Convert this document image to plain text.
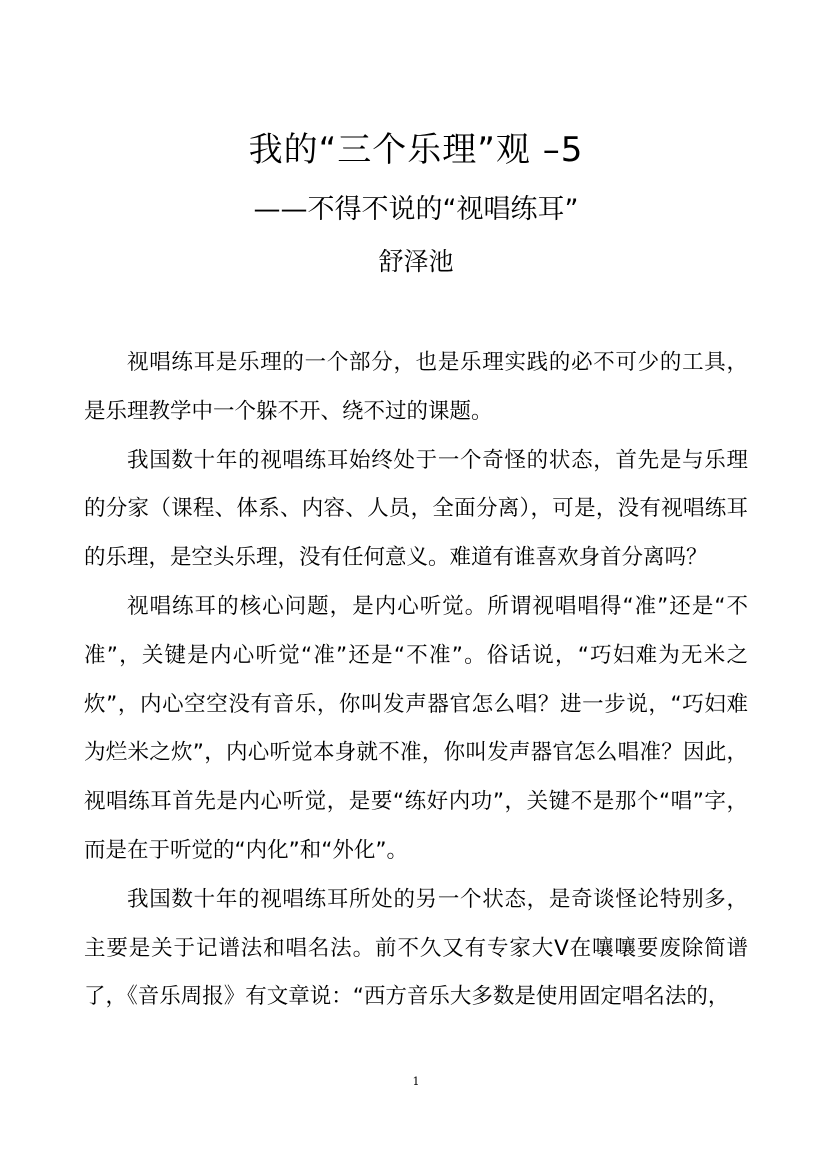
我的“三个乐理”观 –5
——不得不说的“视唱练耳”
舒泽池

视唱练耳是乐理的一个部分，也是乐理实践的必不可少的工具，是乐理教学中一个躲不开、绕不过的课题。

我国数十年的视唱练耳始终处于一个奇怪的状态，首先是与乐理的分家（课程、体系、内容、人员，全面分离），可是，没有视唱练耳的乐理，是空头乐理，没有任何意义。难道有谁喜欢身首分离吗？

视唱练耳的核心问题，是内心听觉。所谓视唱唱得“准”还是“不准”，关键是内心听觉“准”还是“不准”。俗话说，“巧妇难为无米之炊”，内心空空没有音乐，你叫发声器官怎么唱？进一步说，“巧妇难为烂米之炊”，内心听觉本身就不准，你叫发声器官怎么唱准？因此，视唱练耳首先是内心听觉，是要“练好内功”，关键不是那个“唱”字，而是在于听觉的“内化”和“外化”。

我国数十年的视唱练耳所处的另一个状态，是奇谈怪论特别多，主要是关于记谱法和唱名法。前不久又有专家大V在嚷嚷要废除简谱了，《音乐周报》有文章说：“西方音乐大多数是使用固定唱名法的，

1
